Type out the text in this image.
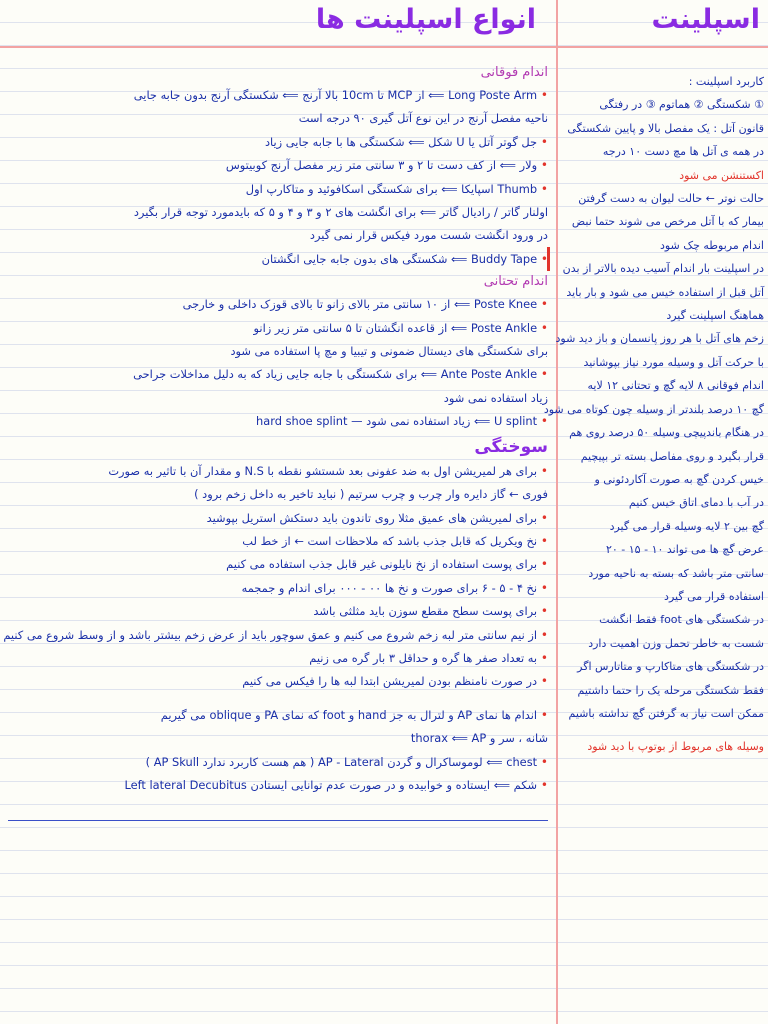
انواع اسپلینت ها	اسپلینت
اندام فوقانی
• Long Poste Arm ⟸ از MCP تا 10cm بالا آرنج ⟸ شکستگی آرنج بدون جابه جایی
ناحیه مفصل آرنج در این نوع آتل گیری ۹۰ درجه است
• جل گوتر آتل یا U شکل ⟸ شکستگی ها با جابه جایی زیاد
• ولار ⟸ از کف دست تا ۲ و ۳ سانتی متر زیر مفصل آرنج کوبیتوس
• Thumb اسپایکا ⟸ برای شکستگی اسکافوئید و متاکارپ اول
اولنار گاتر / رادیال گاتر ⟸ برای انگشت های ۲ و ۳ و ۴ و ۵ که بایدمورد توجه قرار بگیرد
در ورود انگشت شست مورد فیکس قرار نمی گیرد
• Buddy Tape ⟸ شکستگی های بدون جابه جایی انگشتان
اندام تحتانی
• Poste Knee ⟸ از ۱۰ سانتی متر بالای زانو تا بالای قوزک داخلی و خارجی
• Poste Ankle ⟸ از قاعده انگشتان تا ۵ سانتی متر زیر زانو
برای شکستگی های دیستال ضمونی و تیبیا و مچ پا استفاده می شود
• Ante Poste Ankle ⟸ برای شکستگی با جابه جایی زیاد که به دلیل مداخلات جراحی
زیاد استفاده نمی شود
• U splint ⟸ زیاد استفاده نمی شود — hard shoe splint
سوختگی
• برای هر لمیریشن اول به ضد عفونی بعد شستشو نقطه با N.S و مقدار آن با تاثیر به صورت
فوری ← گاز دایره وار چرب و چرب سرتیم ( نباید تاخیر به داخل زخم برود )
• برای لمیریشن های عمیق مثلا روی تاندون باید دستکش استریل بپوشید
• نخ ویکریل که قابل جذب باشد که ملاحظات است ← از خط لب
• برای پوست استفاده از نخ نایلونی غیر قابل جذب استفاده می کنیم
• نخ ۴ - ۵ - ۶ برای صورت و نخ ها ۰۰ - ۰۰۰ برای اندام و جمجمه
• برای پوست سطح مقطع سوزن باید مثلثی باشد
• از نیم سانتی متر لبه زخم شروع می کنیم و عمق سوچور باید از عرض زخم بیشتر باشد و از وسط شروع می کنیم
• به تعداد صفر ها گره و حداقل ۳ بار گره می زنیم
• در صورت نامنظم بودن لمیریشن ابتدا لبه ها را فیکس می کنیم
• اندام ها نمای AP و لترال به جز hand و foot که نمای PA و oblique می گیریم
شانه ، سر و thorax ⟸ AP
• chest ⟸ لوموساکرال و گردن AP - Lateral ( هم هست کاربرد ندارد AP Skull )
• شکم ⟸ ایستاده و خوابیده و در صورت عدم توانایی ایستادن Left lateral Decubitus
کاربرد اسپلینت :
① شکستگی ② هماتوم ③ در رفتگی
قانون آتل : یک مفصل بالا و پایین شکستگی
در همه ی آتل ها مچ دست ۱۰ درجه
اکستنشن می شود
حالت نوتر ← حالت لیوان به دست گرفتن
بیمار که با آتل مرخص می شوند حتما نبض
اندام مربوطه چک شود
در اسپلینت بار اندام آسیب دیده بالاتر از بدن
آتل قبل از استفاده خیس می شود و بار باید
هماهنگ اسپلینت گیرد
زخم های آتل با هر روز پانسمان و باز دید شود
با حرکت آتل و وسیله مورد نیاز بپوشانید
اندام فوقانی ۸ لایه گچ و تحتانی ۱۲ لایه
گچ ۱۰ درصد بلندتر از وسیله چون کوتاه می شود
در هنگام باندپیچی وسیله ۵۰ درصد روی هم
قرار بگیرد و روی مفاصل بسته تر بپیچیم
خیس کردن گچ به صورت آکاردئونی و
در آب با دمای اتاق خیس کنیم
گچ بین ۲ لایه وسیله قرار می گیرد
عرض گچ ها می تواند ۱۰ - ۱۵ - ۲۰
سانتی متر باشد که بسته به ناحیه مورد
استفاده قرار می گیرد
در شکستگی های foot فقط انگشت
شست به خاطر تحمل وزن اهمیت دارد
در شکستگی های متاکارپ و متاتارس اگر
فقط شکستگی مرحله یک را حتما داشتیم
ممکن است نیاز به گرفتن گچ نداشته باشیم
وسیله های مربوط از بوتوپ با دید شود
